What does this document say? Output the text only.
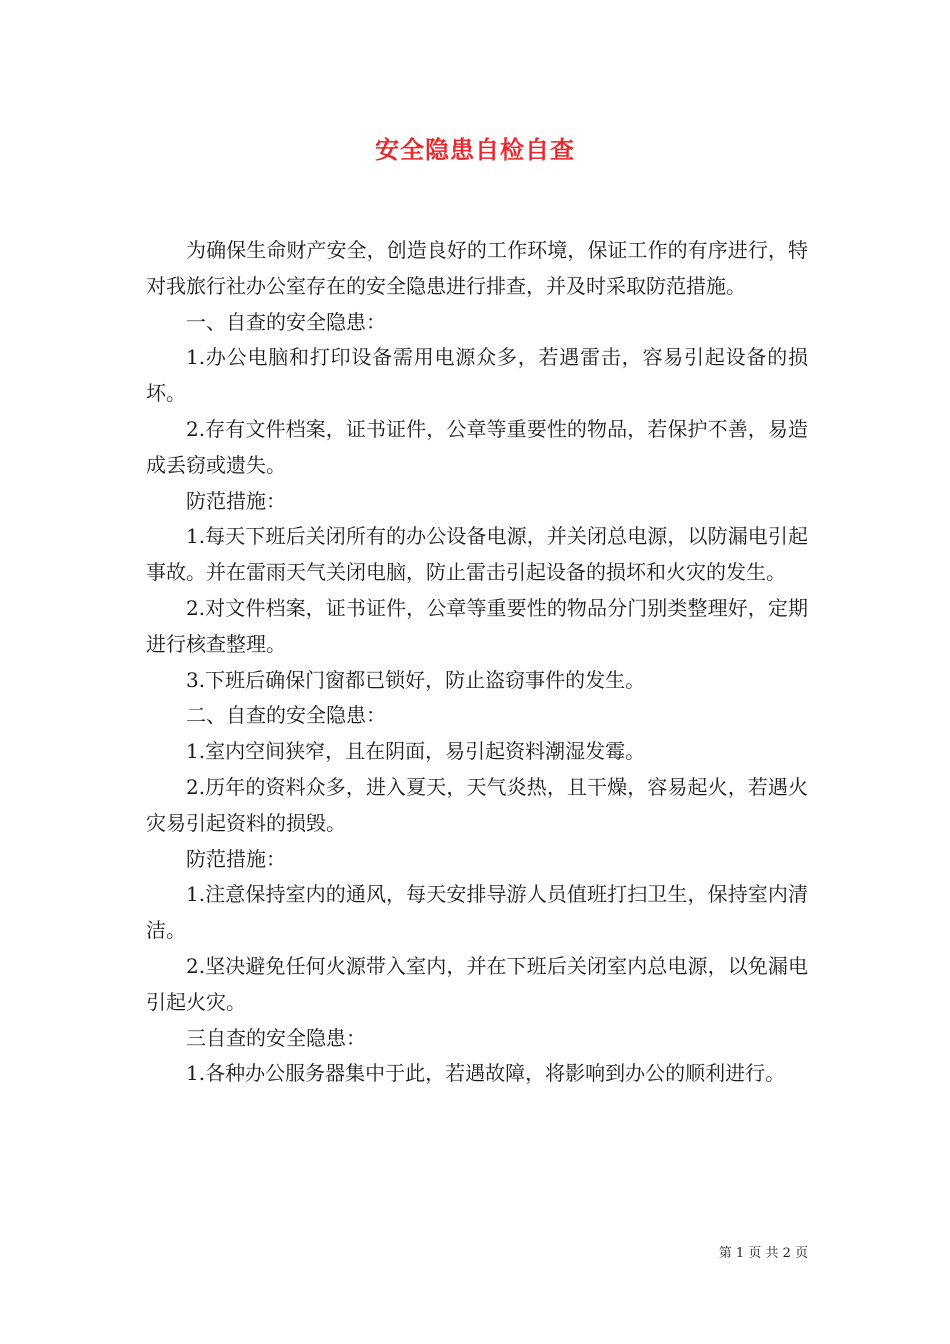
安全隐患自检自查

为确保生命财产安全，创造良好的工作环境，保证工作的有序进行，特对我旅行社办公室存在的安全隐患进行排查，并及时采取防范措施。

一、自查的安全隐患：

1.办公电脑和打印设备需用电源众多，若遇雷击，容易引起设备的损坏。

2.存有文件档案，证书证件，公章等重要性的物品，若保护不善，易造成丢窃或遗失。

防范措施：

1.每天下班后关闭所有的办公设备电源，并关闭总电源，以防漏电引起事故。并在雷雨天气关闭电脑，防止雷击引起设备的损坏和火灾的发生。

2.对文件档案，证书证件，公章等重要性的物品分门别类整理好，定期进行核查整理。

3.下班后确保门窗都已锁好，防止盗窃事件的发生。

二、自查的安全隐患：

1.室内空间狭窄，且在阴面，易引起资料潮湿发霉。

2.历年的资料众多，进入夏天，天气炎热，且干燥，容易起火，若遇火灾易引起资料的损毁。

防范措施：

1.注意保持室内的通风，每天安排导游人员值班打扫卫生，保持室内清洁。

2.坚决避免任何火源带入室内，并在下班后关闭室内总电源，以免漏电引起火灾。

三自查的安全隐患：

1.各种办公服务器集中于此，若遇故障，将影响到办公的顺利进行。

第 1 页 共 2 页
